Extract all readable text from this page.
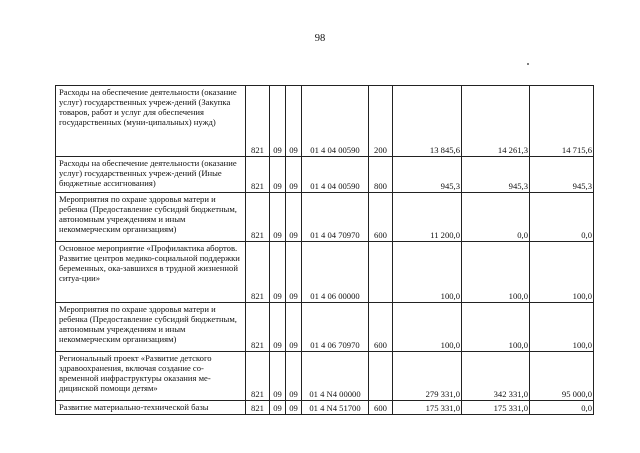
98
Расходы на обеспечение деятельности (оказание услуг) государственных учреж-дений (Закупка товаров, работ и услуг для обеспечения государственных (муни-ципальных) нужд)	821	09	09	01 4 04 00590	200	13 845,6	14 261,3	14 715,6
Расходы на обеспечение деятельности (оказание услуг) государственных учреж-дений (Иные бюджетные ассигнования)	821	09	09	01 4 04 00590	800	945,3	945,3	945,3
Мероприятия по охране здоровья матери и ребенка (Предоставление субсидий бюджетным, автономным учреждениям и иным некоммерческим организациям)	821	09	09	01 4 04 70970	600	11 200,0	0,0	0,0
Основное мероприятие «Профилактика абортов. Развитие центров медико-социальной поддержки беременных, ока-завшихся в трудной жизненной ситуа-ции»	821	09	09	01 4 06 00000		100,0	100,0	100,0
Мероприятия по охране здоровья матери и ребенка (Предоставление субсидий бюджетным, автономным учреждениям и иным некоммерческим организациям)	821	09	09	01 4 06 70970	600	100,0	100,0	100,0
Региональный проект «Развитие детского здравоохранения, включая создание со-временной инфраструктуры оказания ме-дицинской помощи детям»	821	09	09	01 4 N4 00000		279 331,0	342 331,0	95 000,0
Развитие материально-технической базы	821	09	09	01 4 N4 51700	600	175 331,0	175 331,0	0,0
